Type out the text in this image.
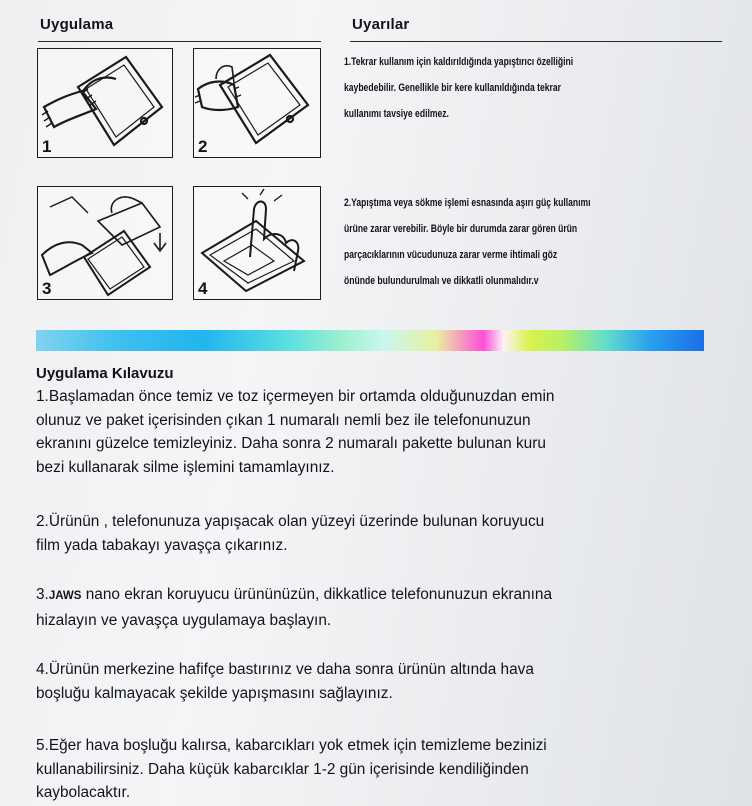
Uygulama	Uyarılar
1	2
3	4
1.Tekrar kullanım için kaldırıldığında yapıştırıcı özelliğini
kaybedebilir. Genellikle bir kere kullanıldığında tekrar
kullanımı tavsiye edilmez.
2.Yapıştıma veya sökme işlemi esnasında aşırı güç kullanımı
ürüne zarar verebilir. Böyle bir durumda zarar gören ürün
parçacıklarının vücudunuza zarar verme ihtimali göz
önünde bulundurulmalı ve dikkatli olunmalıdır.v
Uygulama Kılavuzu
1.Başlamadan önce temiz ve toz içermeyen bir ortamda olduğunuzdan emin
olunuz ve paket içerisinden çıkan 1 numaralı nemli bez ile telefonunuzun
ekranını güzelce temizleyiniz. Daha sonra 2 numaralı pakette bulunan kuru
bezi kullanarak silme işlemini tamamlayınız.
2.Ürünün , telefonunuza yapışacak olan yüzeyi üzerinde bulunan koruyucu
film yada tabakayı yavaşça çıkarınız.
3.JAWS nano ekran koruyucu ürününüzün, dikkatlice telefonunuzun ekranına
hizalayın ve yavaşça uygulamaya başlayın.
4.Ürünün merkezine hafifçe bastırınız ve daha sonra ürünün altında hava
boşluğu kalmayacak şekilde yapışmasını sağlayınız.
5.Eğer hava boşluğu kalırsa, kabarcıkları yok etmek için temizleme bezinizi
kullanabilirsiniz. Daha küçük kabarcıklar 1-2 gün içerisinde kendiliğinden
kaybolacaktır.
